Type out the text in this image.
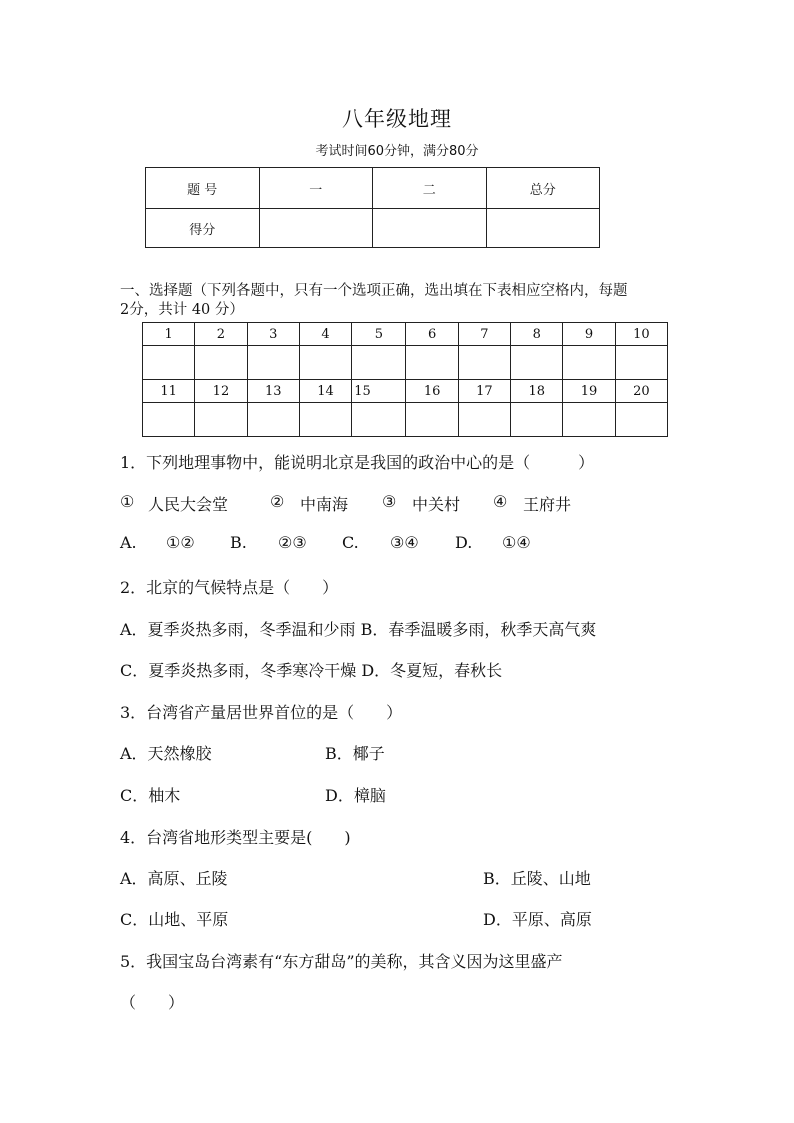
八年级地理
考试时间60分钟，满分80分
题 号	一	二	总分
得分			
一、选择题（下列各题中，只有一个选项正确，选出填在下表相应空格内，每题
2分，共计 40 分）
1	2	3	4	5	6	7	8	9	10

11	12	13	14	15	16	17	18	19	20

1．下列地理事物中，能说明北京是我国的政治中心的是（　　　）
① 人民大会堂	② 中南海 ③ 中关村 ④ 王府井
A. ①② B. ②③ C. ③④ D. ①④
2．北京的气候特点是（　　）
A．夏季炎热多雨，冬季温和少雨 B．春季温暖多雨，秋季天高气爽
C．夏季炎热多雨，冬季寒冷干燥 D．冬夏短，春秋长
3．台湾省产量居世界首位的是（　　）
A．天然橡胶	B．椰子
C．柚木	D．樟脑
4．台湾省地形类型主要是(　　)
A．高原、丘陵	B．丘陵、山地
C．山地、平原	D．平原、高原
5．我国宝岛台湾素有“东方甜岛”的美称，其含义因为这里盛产
（　　）
